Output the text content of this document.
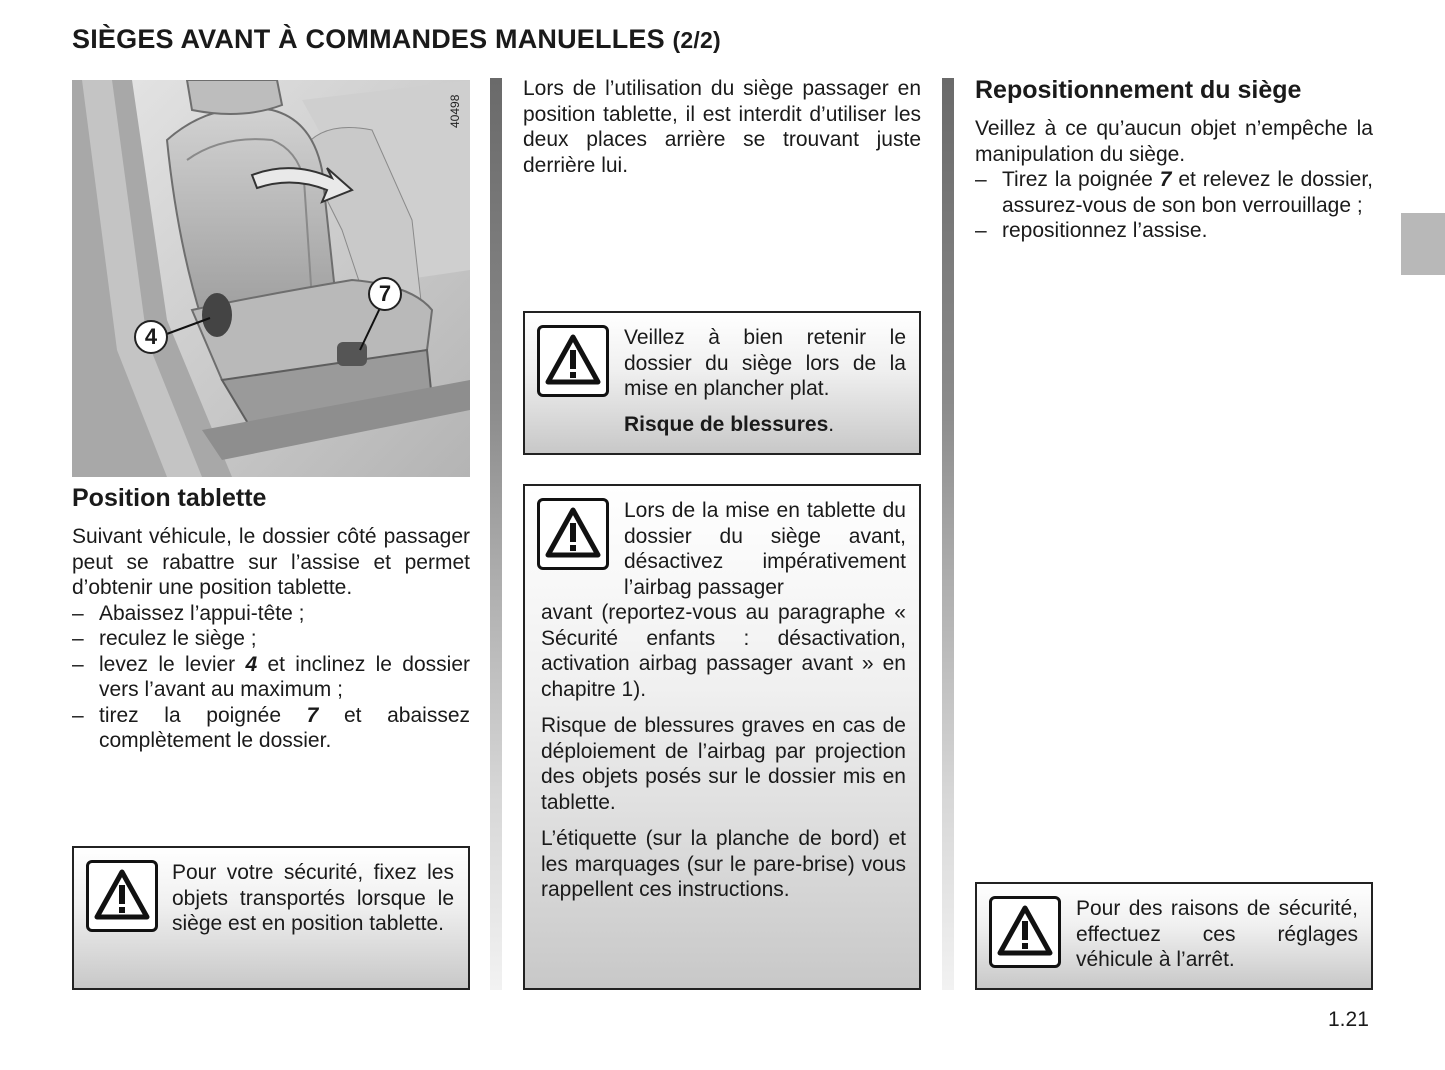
SIÈGES AVANT À COMMANDES MANUELLES (2/2)
4
7
40498
Position tablette

Suivant véhicule, le dossier côté passager peut se rabattre sur l’assise et permet d’obtenir une position tablette.

– Abaissez l’appui-tête ;
– reculez le siège ;
– levez le levier 4 et inclinez le dossier vers l’avant au maximum ;
– tirez la poignée 7 et abaissez complètement le dossier.

Pour votre sécurité, fixez les objets transportés lorsque le siège est en position tablette.

Lors de l’utilisation du siège passager en position tablette, il est interdit d’utiliser les deux places arrière se trouvant juste derrière lui.

Veillez à bien retenir le dossier du siège lors de la mise en plancher plat.

Risque de blessures.

Lors de la mise en tablette du dossier du siège avant, désactivez impérativement l’airbag passager

avant (reportez-vous au paragraphe « Sécurité enfants : désactivation, activation airbag passager avant » en chapitre 1).

Risque de blessures graves en cas de déploiement de l’airbag par projection des objets posés sur le dossier mis en tablette.

L’étiquette (sur la planche de bord) et les marquages (sur le pare-brise) vous rappellent ces instructions.

Repositionnement du siège

Veillez à ce qu’aucun objet n’empêche la manipulation du siège.

– Tirez la poignée 7 et relevez le dossier, assurez-vous de son bon verrouillage ;
– repositionnez l’assise.

Pour des raisons de sécurité, effectuez ces réglages véhicule à l’arrêt.

1.21
